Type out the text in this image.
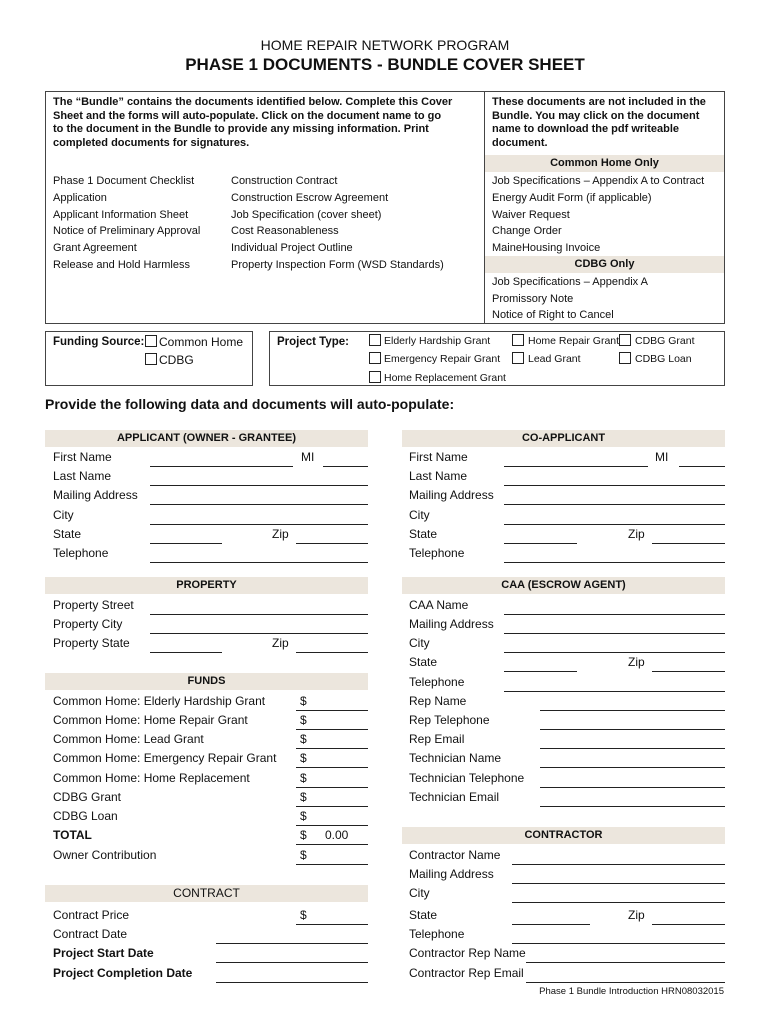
HOME REPAIR NETWORK PROGRAM
PHASE 1 DOCUMENTS - BUNDLE COVER SHEET
The “Bundle” contains the documents identified below. Complete this Cover Sheet and the forms will auto-populate. Click on the document name to go to the document in the Bundle to provide any missing information. Print completed documents for signatures.
Phase 1 Document Checklist
Application
Applicant Information Sheet
Notice of Preliminary Approval
Grant Agreement
Release and Hold Harmless
Construction Contract
Construction Escrow Agreement
Job Specification (cover sheet)
Cost Reasonableness
Individual Project Outline
Property Inspection Form (WSD Standards)
These documents are not included in the Bundle. You may click on the document name to download the pdf writeable document.
Common Home Only
Job Specifications – Appendix A to Contract
Energy Audit Form (if applicable)
Waiver Request
Change Order
MaineHousing Invoice
CDBG Only
Job Specifications – Appendix A
Promissory Note
Notice of Right to Cancel
Funding Source: Common Home
CDBG
Project Type:	Elderly Hardship Grant
Emergency Repair Grant
Home Replacement Grant
Home Repair Grant
Lead Grant
CDBG Grant
CDBG Loan
Provide the following data and documents will auto-populate:
APPLICANT (OWNER - GRANTEE)
First Name	MI
Last Name
Mailing Address
City
State	Zip
Telephone
CO-APPLICANT
First Name	MI
Last Name
Mailing Address
City
State	Zip
Telephone
PROPERTY
Property Street
Property City
Property State	Zip
FUNDS
Common Home: Elderly Hardship Grant	$
Common Home: Home Repair Grant	$
Common Home: Lead Grant	$
Common Home: Emergency Repair Grant $
Common Home: Home Replacement	$
CDBG Grant	$
CDBG Loan	$
TOTAL	$ 0.00
Owner Contribution	$
CONTRACT
Contract Price	$
Contract Date
Project Start Date
Project Completion Date
CAA (ESCROW AGENT)
CAA Name
Mailing Address
City
State	Zip
Telephone
Rep Name
Rep Telephone
Rep Email
Technician Name
Technician Telephone
Technician Email
CONTRACTOR
Contractor Name
Mailing Address
City
State	Zip
Telephone
Contractor Rep Name
Contractor Rep Email
Phase 1 Bundle Introduction HRN08032015
